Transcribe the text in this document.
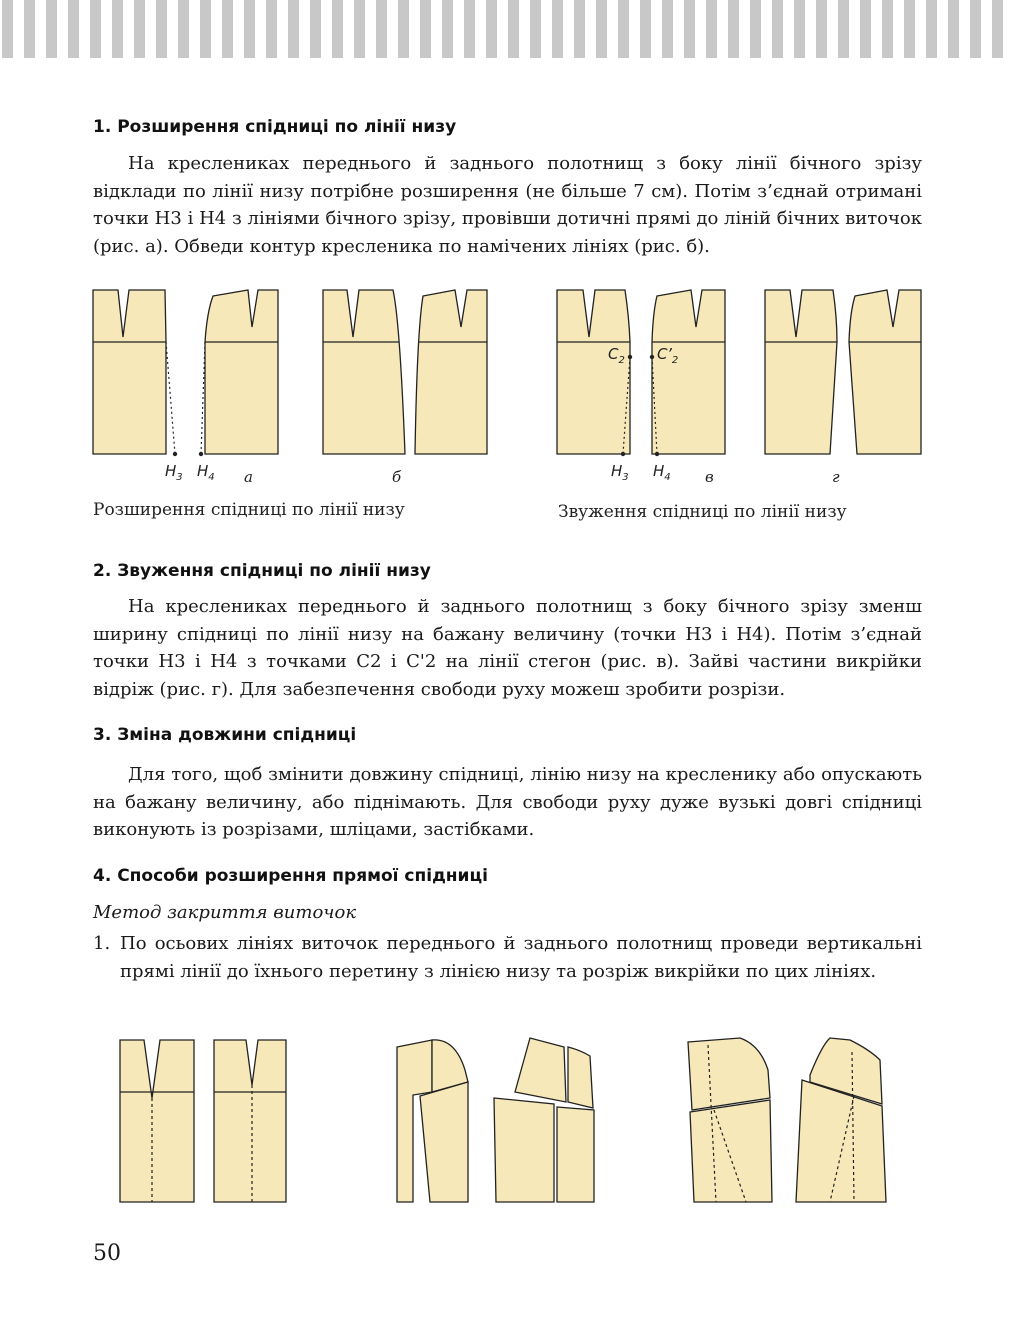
1. Розширення спідниці по лінії низу

На креслениках переднього й заднього полотнищ з боку лінії бічного зрізу відклади по лінії низу потрібне розширення (не більше 7 см). Потім з’єднай отримані точки Н3 і Н4 з лініями бічного зрізу, провівши дотичні прямі до ліній бічних виточок (рис. а). Обведи контур кресленика по намічених лініях (рис. б).

$H_3$ $H_4$ а	б	$H_3$ $H_4$ в	г
$C_2$ $C’_2$
Розширення спідниці по лінії низу	Звуження спідниці по лінії низу
2. Звуження спідниці по лінії низу

На креслениках переднього й заднього полотнищ з боку бічного зрізу зменш ширину спідниці по лінії низу на бажану величину (точки Н3 і Н4). Потім з’єднай точки Н3 і Н4 з точками С2 і С'2 на лінії стегон (рис. в). Зайві частини викрійки відріж (рис. г). Для забезпечення свободи руху можеш зробити розрізи.

3. Зміна довжини спідниці

Для того, щоб змінити довжину спідниці, лінію низу на кресленику або опускають на бажану величину, або піднімають. Для свободи руху дуже вузькі довгі спідниці виконують із розрізами, шліцами, застібками.

4. Способи розширення прямої спідниці
Метод закриття виточок
1. По осьових лініях виточок переднього й заднього полотнищ проведи вертикальні прямі лінії до їхнього перетину з лінією низу та розріж викрійки по цих лініях.
50
